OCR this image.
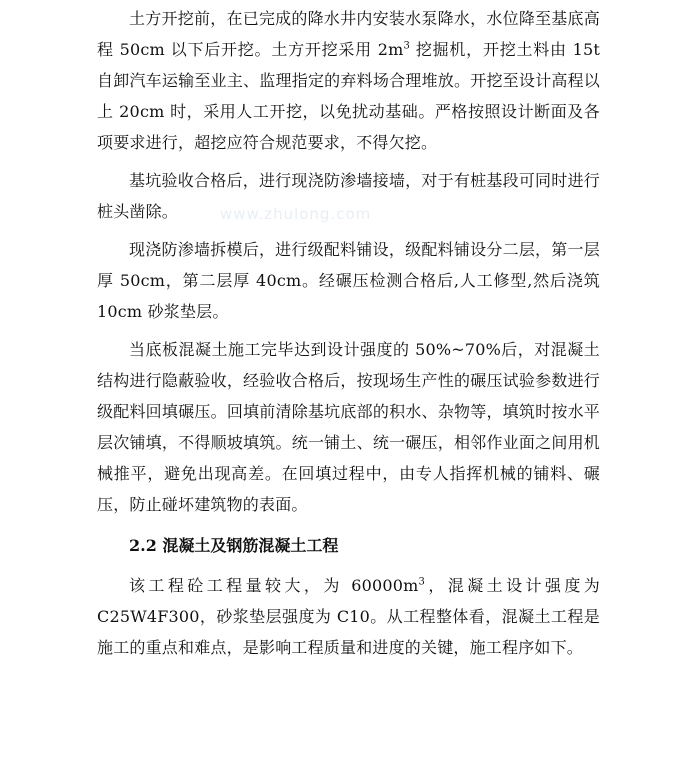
www.zhulong.com

土方开挖前，在已完成的降水井内安装水泵降水，水位降至基底高程 50cm 以下后开挖。土方开挖采用 $2m^3$ 挖掘机，开挖土料由 15t 自卸汽车运输至业主、监理指定的弃料场合理堆放。开挖至设计高程以上 20cm 时，采用人工开挖，以免扰动基础。严格按照设计断面及各项要求进行，超挖应符合规范要求，不得欠挖。

基坑验收合格后，进行现浇防渗墙接墙，对于有桩基段可同时进行桩头凿除。

现浇防渗墙拆模后，进行级配料铺设，级配料铺设分二层，第一层厚 50cm，第二层厚 40cm。经碾压检测合格后,人工修型,然后浇筑 10cm 砂浆垫层。

当底板混凝土施工完毕达到设计强度的 50%~70%后，对混凝土结构进行隐蔽验收，经验收合格后，按现场生产性的碾压试验参数进行级配料回填碾压。回填前清除基坑底部的积水、杂物等，填筑时按水平层次铺填，不得顺坡填筑。统一铺土、统一碾压，相邻作业面之间用机械推平，避免出现高差。在回填过程中，由专人指挥机械的铺料、碾压，防止碰坏建筑物的表面。

2.2 混凝土及钢筋混凝土工程

该工程砼工程量较大，为 $60000m^3$，混凝土设计强度为 C25W4F300，砂浆垫层强度为 C10。从工程整体看，混凝土工程是施工的重点和难点，是影响工程质量和进度的关键，施工程序如下。
